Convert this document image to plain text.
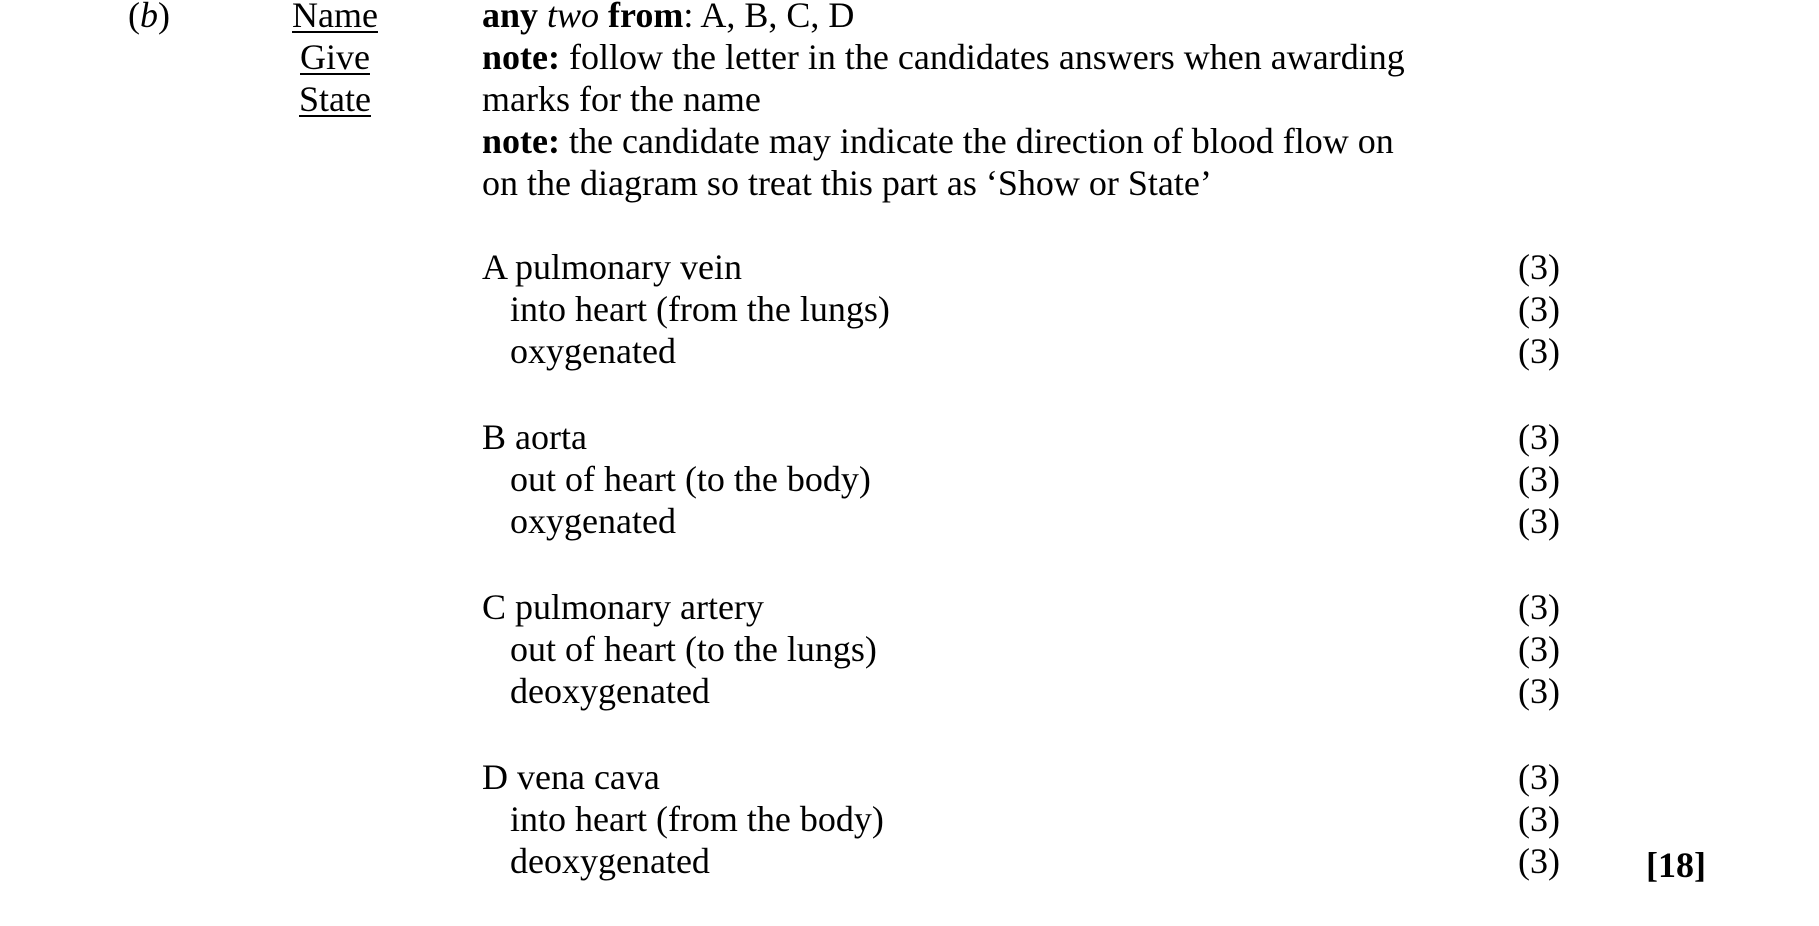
(b)	Name
Give
State
any two from: A, B, C, D
note: follow the letter in the candidates answers when awarding
marks for the name
note: the candidate may indicate the direction of blood flow on
on the diagram so treat this part as ‘Show or State’
A pulmonary vein	(3)
into heart (from the lungs)	(3)
oxygenated	(3)
B aorta	(3)
out of heart (to the body)	(3)
oxygenated	(3)
C pulmonary artery	(3)
out of heart (to the lungs)	(3)
deoxygenated	(3)
D vena cava	(3)
into heart (from the body)	(3)
deoxygenated	(3) [18]
